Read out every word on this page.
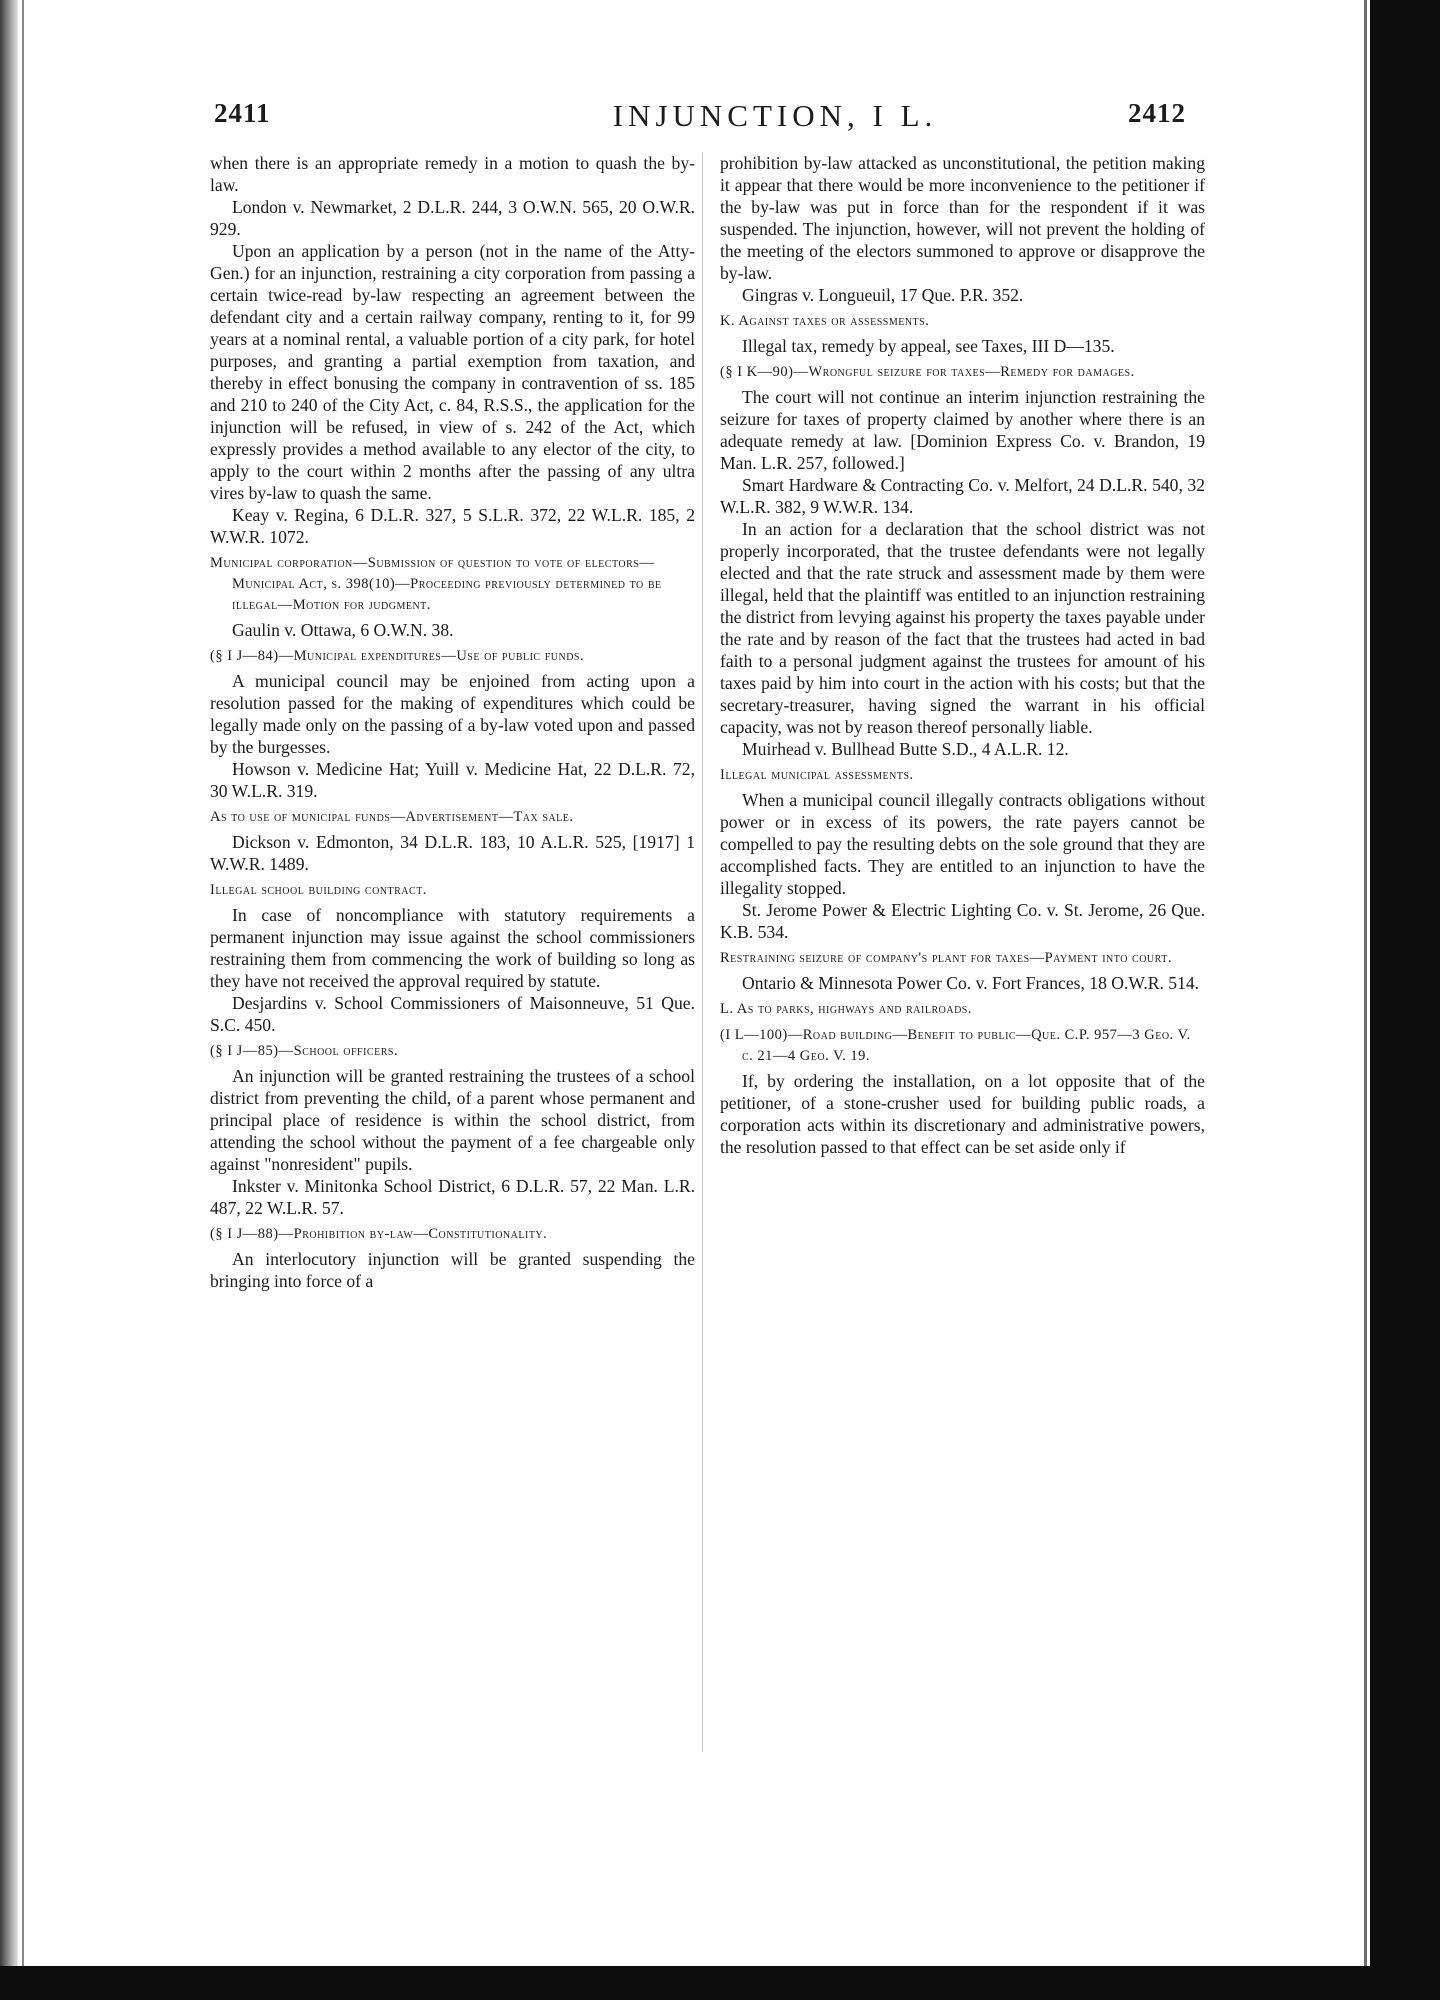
2411	INJUNCTION, I L.	2412
when there is an appropriate remedy in a motion to quash the by-law.
London v. Newmarket, 2 D.L.R. 244, 3 O.W.N. 565, 20 O.W.R. 929.
Upon an application by a person (not in the name of the Atty-Gen.) for an injunction, restraining a city corporation from passing a certain twice-read by-law respecting an agreement between the defendant city and a certain railway company, renting to it, for 99 years at a nominal rental, a valuable portion of a city park, for hotel purposes, and granting a partial exemption from taxation, and thereby in effect bonusing the company in contravention of ss. 185 and 210 to 240 of the City Act, c. 84, R.S.S., the application for the injunction will be refused, in view of s. 242 of the Act, which expressly provides a method available to any elector of the city, to apply to the court within 2 months after the passing of any ultra vires by-law to quash the same.
Keay v. Regina, 6 D.L.R. 327, 5 S.L.R. 372, 22 W.L.R. 185, 2 W.W.R. 1072.
Municipal corporation—Submission of question to vote of electors—Municipal Act, s. 398(10)—Proceeding previously determined to be illegal—Motion for judgment.
Gaulin v. Ottawa, 6 O.W.N. 38.
(§ I J—84)—Municipal expenditures—Use of public funds.
A municipal council may be enjoined from acting upon a resolution passed for the making of expenditures which could be legally made only on the passing of a by-law voted upon and passed by the burgesses.
Howson v. Medicine Hat; Yuill v. Medicine Hat, 22 D.L.R. 72, 30 W.L.R. 319.
As to use of municipal funds—Advertisement—Tax sale.
Dickson v. Edmonton, 34 D.L.R. 183, 10 A.L.R. 525, [1917] 1 W.W.R. 1489.
Illegal school building contract.
In case of noncompliance with statutory requirements a permanent injunction may issue against the school commissioners restraining them from commencing the work of building so long as they have not received the approval required by statute.
Desjardins v. School Commissioners of Maisonneuve, 51 Que. S.C. 450.
(§ I J—85)—School officers.
An injunction will be granted restraining the trustees of a school district from preventing the child, of a parent whose permanent and principal place of residence is within the school district, from attending the school without the payment of a fee chargeable only against "nonresident" pupils.
Inkster v. Minitonka School District, 6 D.L.R. 57, 22 Man. L.R. 487, 22 W.L.R. 57.
(§ I J—88)—Prohibition by-law—Constitutionality.
An interlocutory injunction will be granted suspending the bringing into force of a
prohibition by-law attacked as unconstitutional, the petition making it appear that there would be more inconvenience to the petitioner if the by-law was put in force than for the respondent if it was suspended. The injunction, however, will not prevent the holding of the meeting of the electors summoned to approve or disapprove the by-law.
Gingras v. Longueuil, 17 Que. P.R. 352.
K. Against taxes or assessments.
Illegal tax, remedy by appeal, see Taxes, III D—135.
(§ I K—90)—Wrongful seizure for taxes—Remedy for damages.
The court will not continue an interim injunction restraining the seizure for taxes of property claimed by another where there is an adequate remedy at law. [Dominion Express Co. v. Brandon, 19 Man. L.R. 257, followed.]
Smart Hardware & Contracting Co. v. Melfort, 24 D.L.R. 540, 32 W.L.R. 382, 9 W.W.R. 134.
In an action for a declaration that the school district was not properly incorporated, that the trustee defendants were not legally elected and that the rate struck and assessment made by them were illegal, held that the plaintiff was entitled to an injunction restraining the district from levying against his property the taxes payable under the rate and by reason of the fact that the trustees had acted in bad faith to a personal judgment against the trustees for amount of his taxes paid by him into court in the action with his costs; but that the secretary-treasurer, having signed the warrant in his official capacity, was not by reason thereof personally liable.
Muirhead v. Bullhead Butte S.D., 4 A.L.R. 12.
Illegal municipal assessments.
When a municipal council illegally contracts obligations without power or in excess of its powers, the rate payers cannot be compelled to pay the resulting debts on the sole ground that they are accomplished facts. They are entitled to an injunction to have the illegality stopped.
St. Jerome Power & Electric Lighting Co. v. St. Jerome, 26 Que. K.B. 534.
Restraining seizure of company's plant for taxes—Payment into court.
Ontario & Minnesota Power Co. v. Fort Frances, 18 O.W.R. 514.
L. As to parks, highways and railroads.
(I L—100)—Road building—Benefit to public—Que. C.P. 957—3 Geo. V. c. 21—4 Geo. V. 19.
If, by ordering the installation, on a lot opposite that of the petitioner, of a stone-crusher used for building public roads, a corporation acts within its discretionary and administrative powers, the resolution passed to that effect can be set aside only if
